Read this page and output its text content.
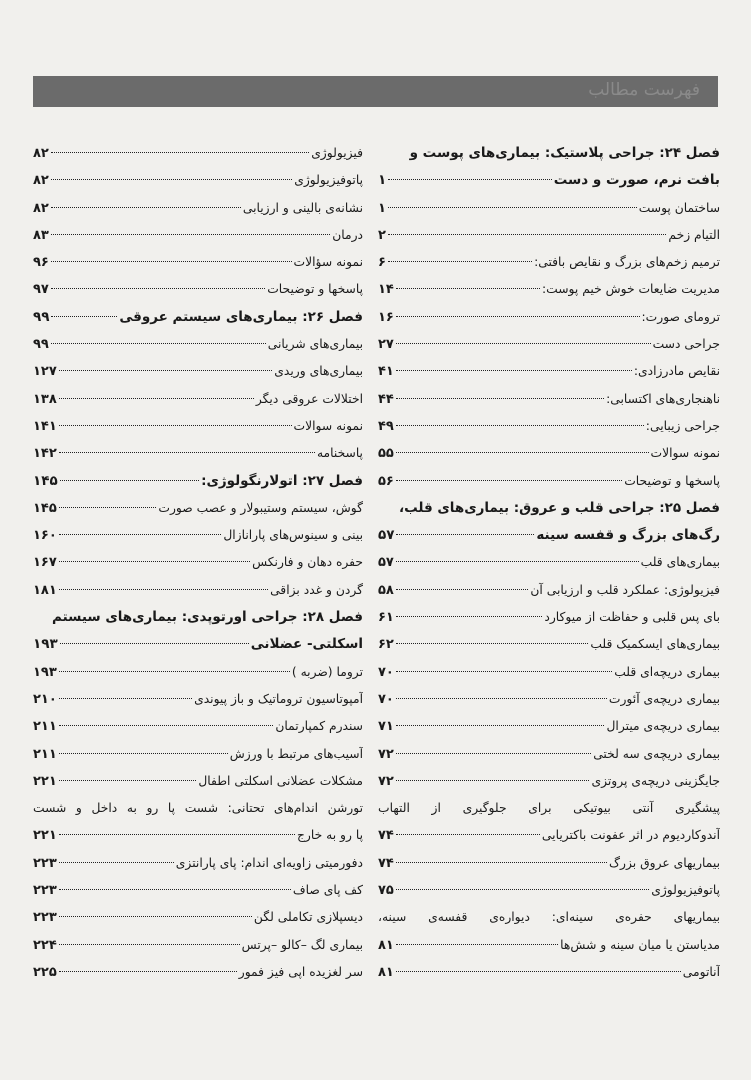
فهرست مطالب
فصل ۲۴: جراحی پلاستیک: بیماری‌های پوست و
بافت نرم، صورت و دست
۱
ساختمان پوست
۱
التیام زخم
۲
ترمیم زخم‌های بزرگ و نقایص بافتی:
۶
مدیریت ضایعات خوش خیم پوست:
۱۴
ترومای صورت:
۱۶
جراحی دست
۲۷
نقایص مادرزادی:
۴۱
ناهنجاری‌های اکتسابی:
۴۴
جراحی زیبایی:
۴۹
نمونه سوالات
۵۵
پاسخها و توضیحات
۵۶
فصل ۲۵: جراحی قلب و عروق: بیماری‌های قلب،
رگ‌های بزرگ و قفسه سینه
۵۷
بیماری‌های قلب
۵۷
فیزیولوژی: عملکرد قلب و ارزیابی آن
۵۸
بای پس قلبی و حفاظت از میوکارد
۶۱
بیماری‌های ایسکمیک قلب
۶۲
بیماری دریچه‌ای قلب
۷۰
بیماری دریچه‌ی آئورت
۷۰
بیماری دریچه‌ی میترال
۷۱
بیماری دریچه‌ی سه لختی
۷۲
جایگزینی دریچه‌ی پروتزی
۷۲
پیشگیری آنتی بیوتیکی برای جلوگیری از التهاب
آندوکاردیوم در اثر عفونت باکتریایی
۷۴
بیماریهای عروق بزرگ
۷۴
پاتوفیزیولوژی
۷۵
بیماریهای حفره‌ی سینه‌ای: دیواره‌ی قفسه‌ی سینه،
مدیاستن یا میان سینه و شش‌ها
۸۱
آناتومی
۸۱
فیزیولوژی
۸۲
پاتوفیزیولوژی
۸۲
نشانه‌ی بالینی و ارزیابی
۸۲
درمان
۸۳
نمونه سؤالات
۹۶
پاسخها و توضیحات
۹۷
فصل ۲۶: بیماری‌های سیستم عروقی
۹۹
بیماری‌های شریانی
۹۹
بیماری‌های وریدی
۱۲۷
اختلالات عروقی دیگر
۱۳۸
نمونه سوالات
۱۴۱
پاسخنامه
۱۴۲
فصل ۲۷: اتولارنگولوژی:
۱۴۵
گوش، سیستم وستیبولار و عصب صورت
۱۴۵
بینی و سینوس‌های پارانازال
۱۶۰
حفره دهان و فارنکس
۱۶۷
گردن و غدد بزاقی
۱۸۱
فصل ۲۸: جراحی اورتوپدی: بیماری‌های سیستم
اسکلتی- عضلانی
۱۹۳
تروما (ضربه )
۱۹۳
آمپوتاسیون تروماتیک و باز پیوندی
۲۱۰
سندرم کمپارتمان
۲۱۱
آسیب‌های مرتبط با ورزش
۲۱۱
مشکلات عضلانی اسکلتی اطفال
۲۲۱
تورشن اندام‌های تحتانی: شست پا رو به داخل و شست
پا رو به خارج
۲۲۱
دفورمیتی زاویه‌ای اندام: پای پارانتزی
۲۲۳
کف پای صاف
۲۲۳
دیسپلازی تکاملی لگن
۲۲۳
بیماری لگ –کالو –پرتس
۲۲۴
سر لغزیده اپی فیز فمور
۲۲۵
